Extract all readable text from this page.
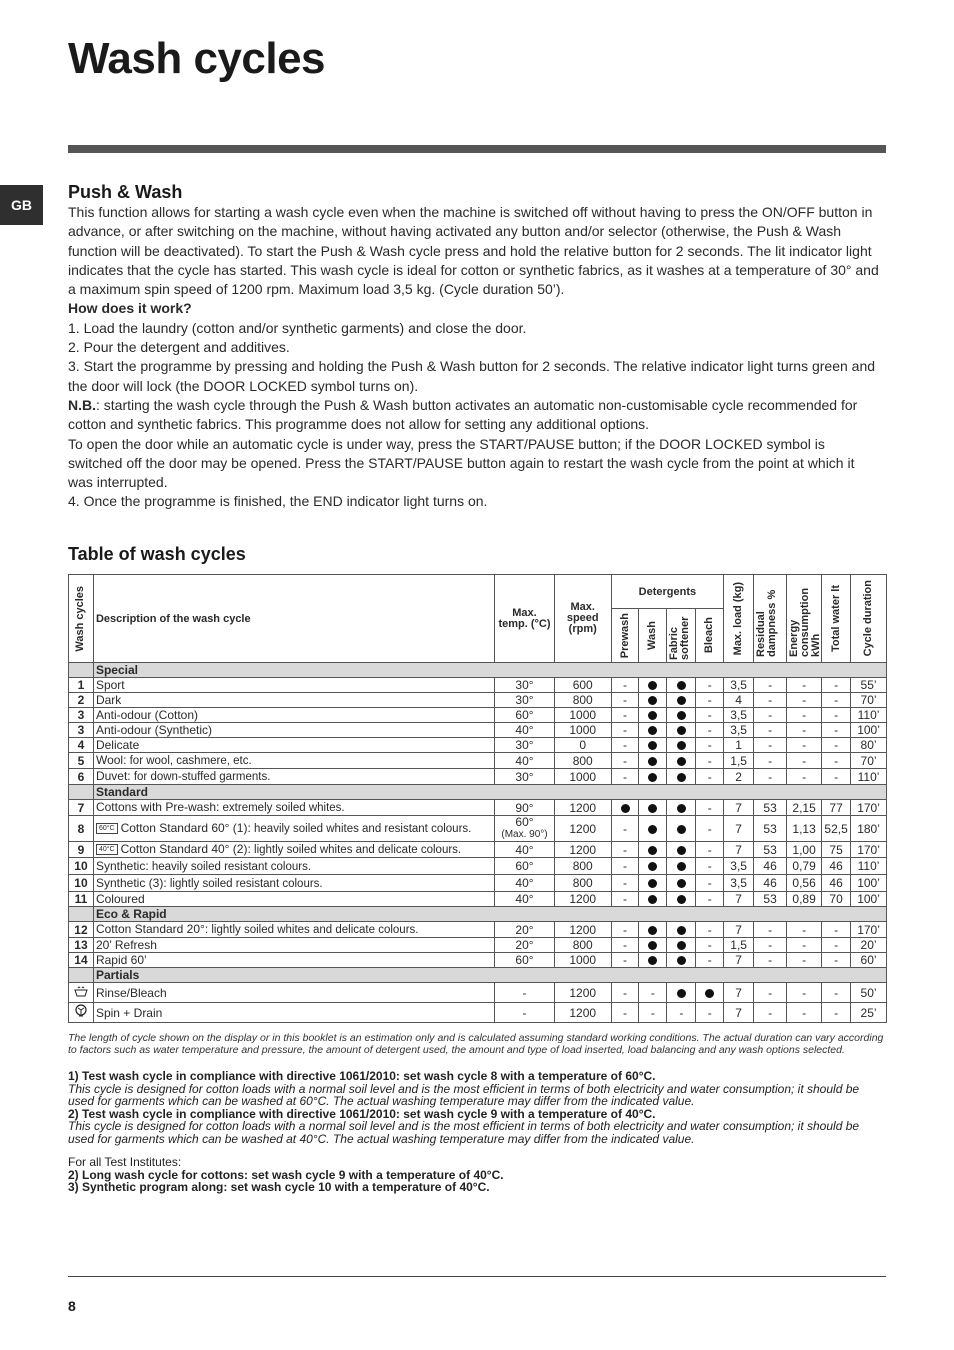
Wash cycles
GB
Push & Wash

This function allows for starting a wash cycle even when the machine is switched off without having to press the ON/OFF button in advance, or after switching on the machine, without having activated any button and/or selector (otherwise, the Push & Wash function will be deactivated). To start the Push & Wash cycle press and hold the relative button for 2 seconds. The lit indicator light indicates that the cycle has started. This wash cycle is ideal for cotton or synthetic fabrics, as it washes at a temperature of 30° and a maximum spin speed of 1200 rpm. Maximum load 3,5 kg. (Cycle duration 50’).

How does it work?

1. Load the laundry (cotton and/or synthetic garments) and close the door.

2. Pour the detergent and additives.

3. Start the programme by pressing and holding the Push & Wash button for 2 seconds. The relative indicator light turns green and the door will lock (the DOOR LOCKED symbol turns on).

N.B.: starting the wash cycle through the Push & Wash button activates an automatic non-customisable cycle recommended for cotton and synthetic fabrics. This programme does not allow for setting any additional options.

To open the door while an automatic cycle is under way, press the START/PAUSE button; if the DOOR LOCKED symbol is switched off the door may be opened. Press the START/PAUSE button again to restart the wash cycle from the point at which it was interrupted.

4. Once the programme is finished, the END indicator light turns on.

Table of wash cycles
Wash cycles	Description of the wash cycle	Max. temp. (°C)	Max. speed (rpm)	Detergents				Max. load (kg)	Residual dampness %	Energy consumption kWh	Total water lt	Cycle duration

				Prewash	Wash	Fabric softener	Bleach					

	Special											
1	Sport	30°	600	-			-	3,5	-	-	-	55’
2	Dark	30°	800	-			-	4	-	-	-	70’
3	Anti-odour (Cotton)	60°	1000	-			-	3,5	-	-	-	110’
3	Anti-odour (Synthetic)	40°	1000	-			-	3,5	-	-	-	100’
4	Delicate	30°	0	-			-	1	-	-	-	80’
5	Wool: for wool, cashmere, etc.	40°	800	-			-	1,5	-	-	-	70’
6	Duvet: for down-stuffed garments.	30°	1000	-			-	2	-	-	-	110’
	Standard											
7	Cottons with Pre-wash: extremely soiled whites.	90°	1200				-	7	53	2,15	77	170’
8	60°C Cotton Standard 60° (1): heavily soiled whites and resistant colours.	60°
(Max. 90°)	1200	-			-	7	53	1,13	52,5	180’
9	40°C Cotton Standard 40° (2): lightly soiled whites and delicate colours.	40°	1200	-			-	7	53	1,00	75	170’
10	Synthetic: heavily soiled resistant colours.	60°	800	-			-	3,5	46	0,79	46	110’
10	Synthetic (3): lightly soiled resistant colours.	40°	800	-			-	3,5	46	0,56	46	100’
11	Coloured	40°	1200	-			-	7	53	0,89	70	100’
	Eco & Rapid											
12	Cotton Standard 20°: lightly soiled whites and delicate colours.	20°	1200	-			-	7	-	-	-	170’
13	20’ Refresh	20°	800	-			-	1,5	-	-	-	20’
14	Rapid 60’	60°	1000	-			-	7	-	-	-	60’
	Partials											
	Rinse/Bleach	-	1200	-	-			7	-	-	-	50’
	Spin + Drain	-	1200	-	-	-	-	7	-	-	-	25’
The length of cycle shown on the display or in this booklet is an estimation only and is calculated assuming standard working conditions. The actual duration can vary according to factors such as water temperature and pressure, the amount of detergent used, the amount and type of load inserted, load balancing and any wash options selected.
1) Test wash cycle in compliance with directive 1061/2010: set wash cycle 8 with a temperature of 60°C.
This cycle is designed for cotton loads with a normal soil level and is the most efficient in terms of both electricity and water consumption; it should be used for garments which can be washed at 60°C. The actual washing temperature may differ from the indicated value.
2) Test wash cycle in compliance with directive 1061/2010: set wash cycle 9 with a temperature of 40°C.
This cycle is designed for cotton loads with a normal soil level and is the most efficient in terms of both electricity and water consumption; it should be used for garments which can be washed at 40°C. The actual washing temperature may differ from the indicated value.
For all Test Institutes:
2) Long wash cycle for cottons: set wash cycle 9 with a temperature of 40°C.
3) Synthetic program along: set wash cycle 10 with a temperature of 40°C.
8
